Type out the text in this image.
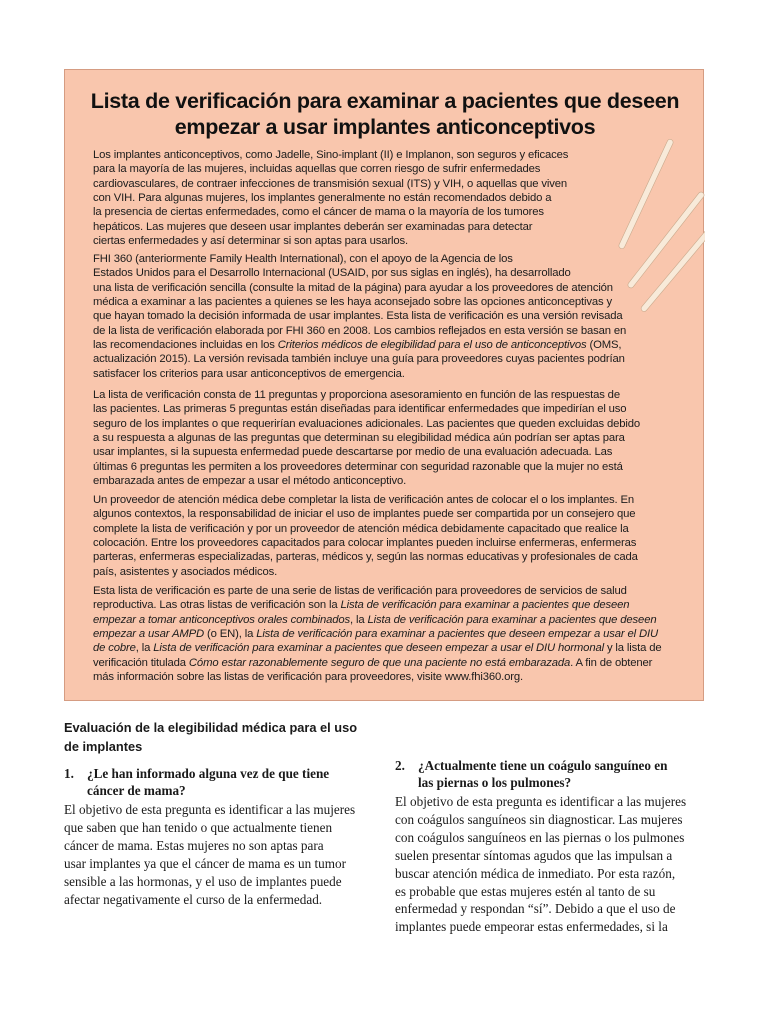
Lista de verificación para examinar a pacientes que deseen
empezar a usar implantes anticonceptivos

Los implantes anticonceptivos, como Jadelle, Sino-implant (II) e Implanon, son seguros y eficaces
para la mayoría de las mujeres, incluidas aquellas que corren riesgo de sufrir enfermedades
cardiovasculares, de contraer infecciones de transmisión sexual (ITS) y VIH, o aquellas que viven
con VIH. Para algunas mujeres, los implantes generalmente no están recomendados debido a
la presencia de ciertas enfermedades, como el cáncer de mama o la mayoría de los tumores
hepáticos. Las mujeres que deseen usar implantes deberán ser examinadas para detectar
ciertas enfermedades y así determinar si son aptas para usarlos.

FHI 360 (anteriormente Family Health International), con el apoyo de la Agencia de los
Estados Unidos para el Desarrollo Internacional (USAID, por sus siglas en inglés), ha desarrollado
una lista de verificación sencilla (consulte la mitad de la página) para ayudar a los proveedores de atención
médica a examinar a las pacientes a quienes se les haya aconsejado sobre las opciones anticonceptivas y
que hayan tomado la decisión informada de usar implantes. Esta lista de verificación es una versión revisada
de la lista de verificación elaborada por FHI 360 en 2008. Los cambios reflejados en esta versión se basan en
las recomendaciones incluidas en los Criterios médicos de elegibilidad para el uso de anticonceptivos (OMS,
actualización 2015). La versión revisada también incluye una guía para proveedores cuyas pacientes podrían
satisfacer los criterios para usar anticonceptivos de emergencia.

La lista de verificación consta de 11 preguntas y proporciona asesoramiento en función de las respuestas de
las pacientes. Las primeras 5 preguntas están diseñadas para identificar enfermedades que impedirían el uso
seguro de los implantes o que requerirían evaluaciones adicionales. Las pacientes que queden excluidas debido
a su respuesta a algunas de las preguntas que determinan su elegibilidad médica aún podrían ser aptas para
usar implantes, si la supuesta enfermedad puede descartarse por medio de una evaluación adecuada. Las
últimas 6 preguntas les permiten a los proveedores determinar con seguridad razonable que la mujer no está
embarazada antes de empezar a usar el método anticonceptivo.

Un proveedor de atención médica debe completar la lista de verificación antes de colocar el o los implantes. En
algunos contextos, la responsabilidad de iniciar el uso de implantes puede ser compartida por un consejero que
complete la lista de verificación y por un proveedor de atención médica debidamente capacitado que realice la
colocación. Entre los proveedores capacitados para colocar implantes pueden incluirse enfermeras, enfermeras
parteras, enfermeras especializadas, parteras, médicos y, según las normas educativas y profesionales de cada
país, asistentes y asociados médicos.

Esta lista de verificación es parte de una serie de listas de verificación para proveedores de servicios de salud
reproductiva. Las otras listas de verificación son la Lista de verificación para examinar a pacientes que deseen
empezar a tomar anticonceptivos orales combinados, la Lista de verificación para examinar a pacientes que deseen
empezar a usar AMPD (o EN), la Lista de verificación para examinar a pacientes que deseen empezar a usar el DIU
de cobre, la Lista de verificación para examinar a pacientes que deseen empezar a usar el DIU hormonal y la lista de
verificación titulada Cómo estar razonablemente seguro de que una paciente no está embarazada. A fin de obtener
más información sobre las listas de verificación para proveedores, visite www.fhi360.org.

Evaluación de la elegibilidad médica para el uso
de implantes
1. ¿Le han informado alguna vez de que tiene
cáncer de mama?

El objetivo de esta pregunta es identificar a las mujeres
que saben que han tenido o que actualmente tienen
cáncer de mama. Estas mujeres no son aptas para
usar implantes ya que el cáncer de mama es un tumor
sensible a las hormonas, y el uso de implantes puede
afectar negativamente el curso de la enfermedad.

2. ¿Actualmente tiene un coágulo sanguíneo en
las piernas o los pulmones?

El objetivo de esta pregunta es identificar a las mujeres
con coágulos sanguíneos sin diagnosticar. Las mujeres
con coágulos sanguíneos en las piernas o los pulmones
suelen presentar síntomas agudos que las impulsan a
buscar atención médica de inmediato. Por esta razón,
es probable que estas mujeres estén al tanto de su
enfermedad y respondan “sí”. Debido a que el uso de
implantes puede empeorar estas enfermedades, si la
